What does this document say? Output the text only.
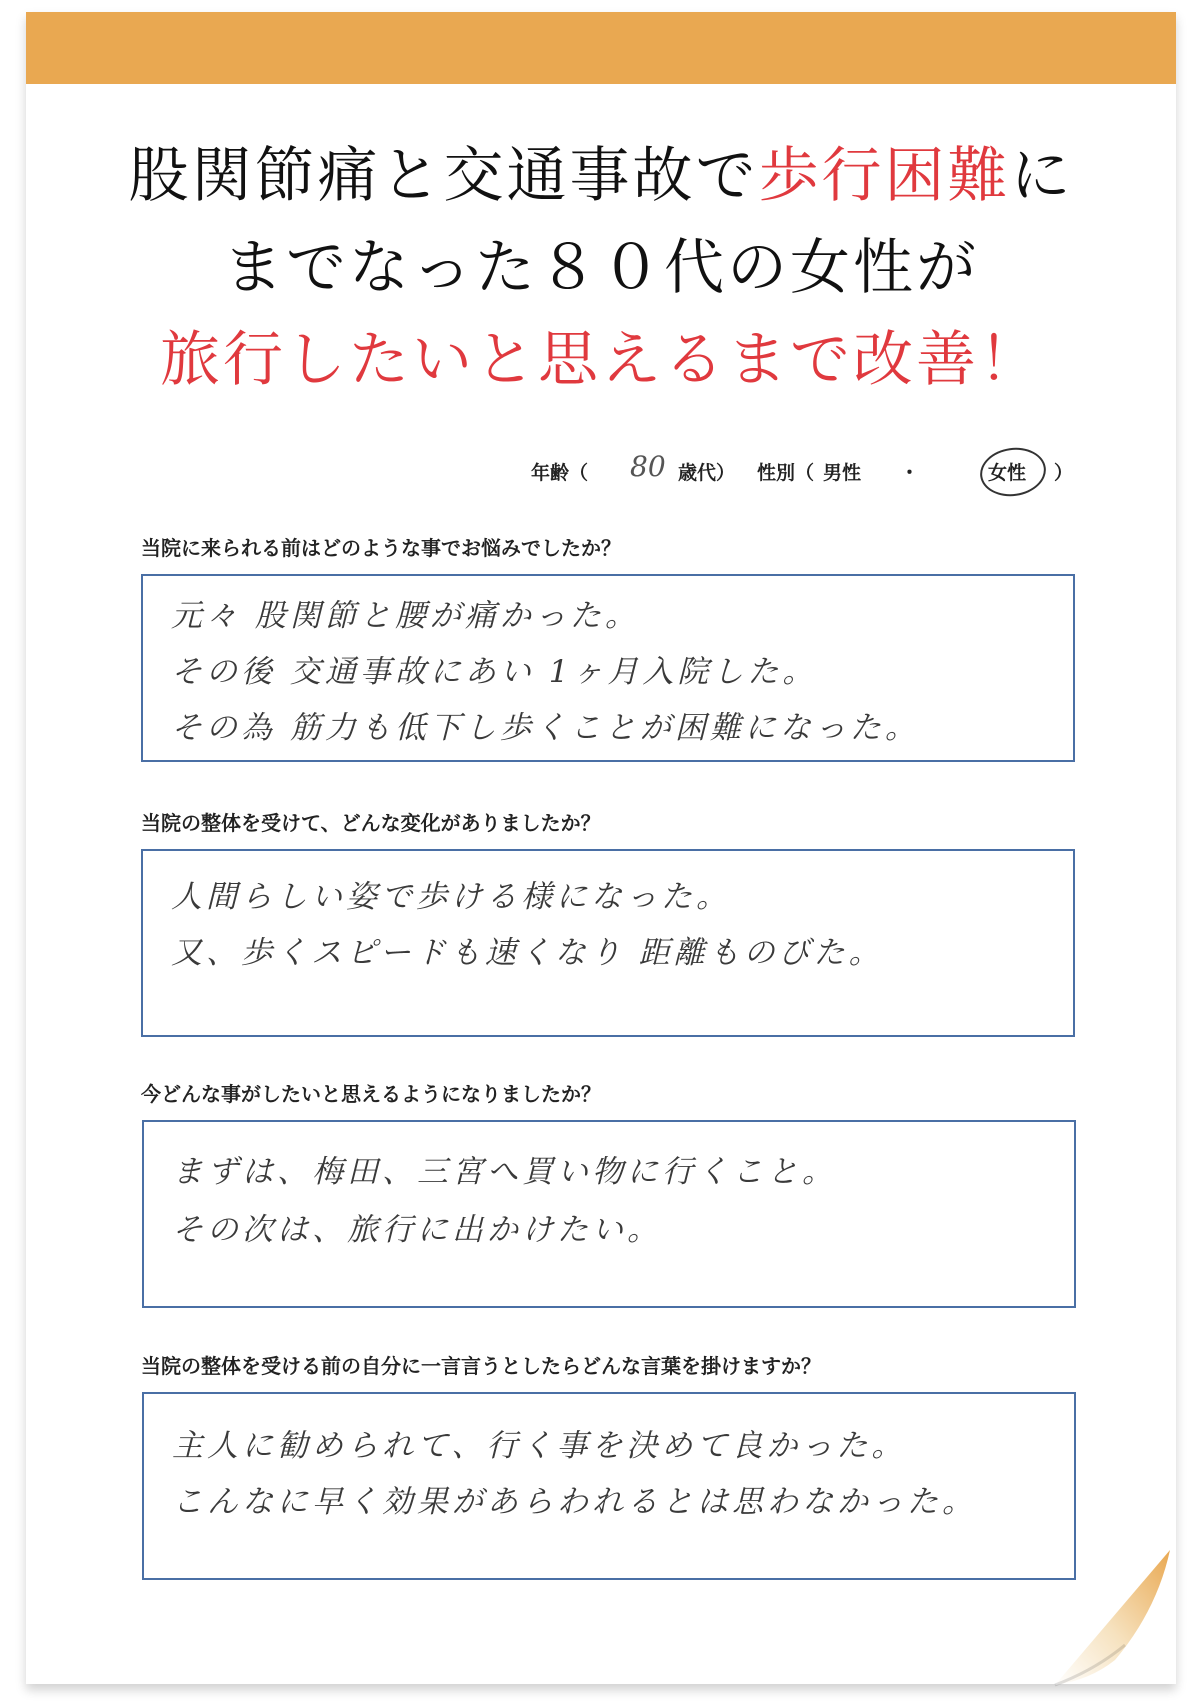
股関節痛と交通事故で歩行困難に
までなった８０代の女性が
旅行したいと思えるまで改善！
年齢（ 80 歳代） 性別（ 男性 ・	女性 ）
当院に来られる前はどのような事でお悩みでしたか？
元々 股関節と腰が痛かった。
その後 交通事故にあい 1ヶ月入院した。
その為 筋力も低下し歩くことが困難になった。
当院の整体を受けて、どんな変化がありましたか？
人間らしい姿で歩ける様になった。
又、歩くスピードも速くなり 距離ものびた。
今どんな事がしたいと思えるようになりましたか？
まずは、梅田、三宮へ買い物に行くこと。
その次は、旅行に出かけたい。
当院の整体を受ける前の自分に一言言うとしたらどんな言葉を掛けますか？
主人に勧められて、行く事を決めて良かった。
こんなに早く効果があらわれるとは思わなかった。
